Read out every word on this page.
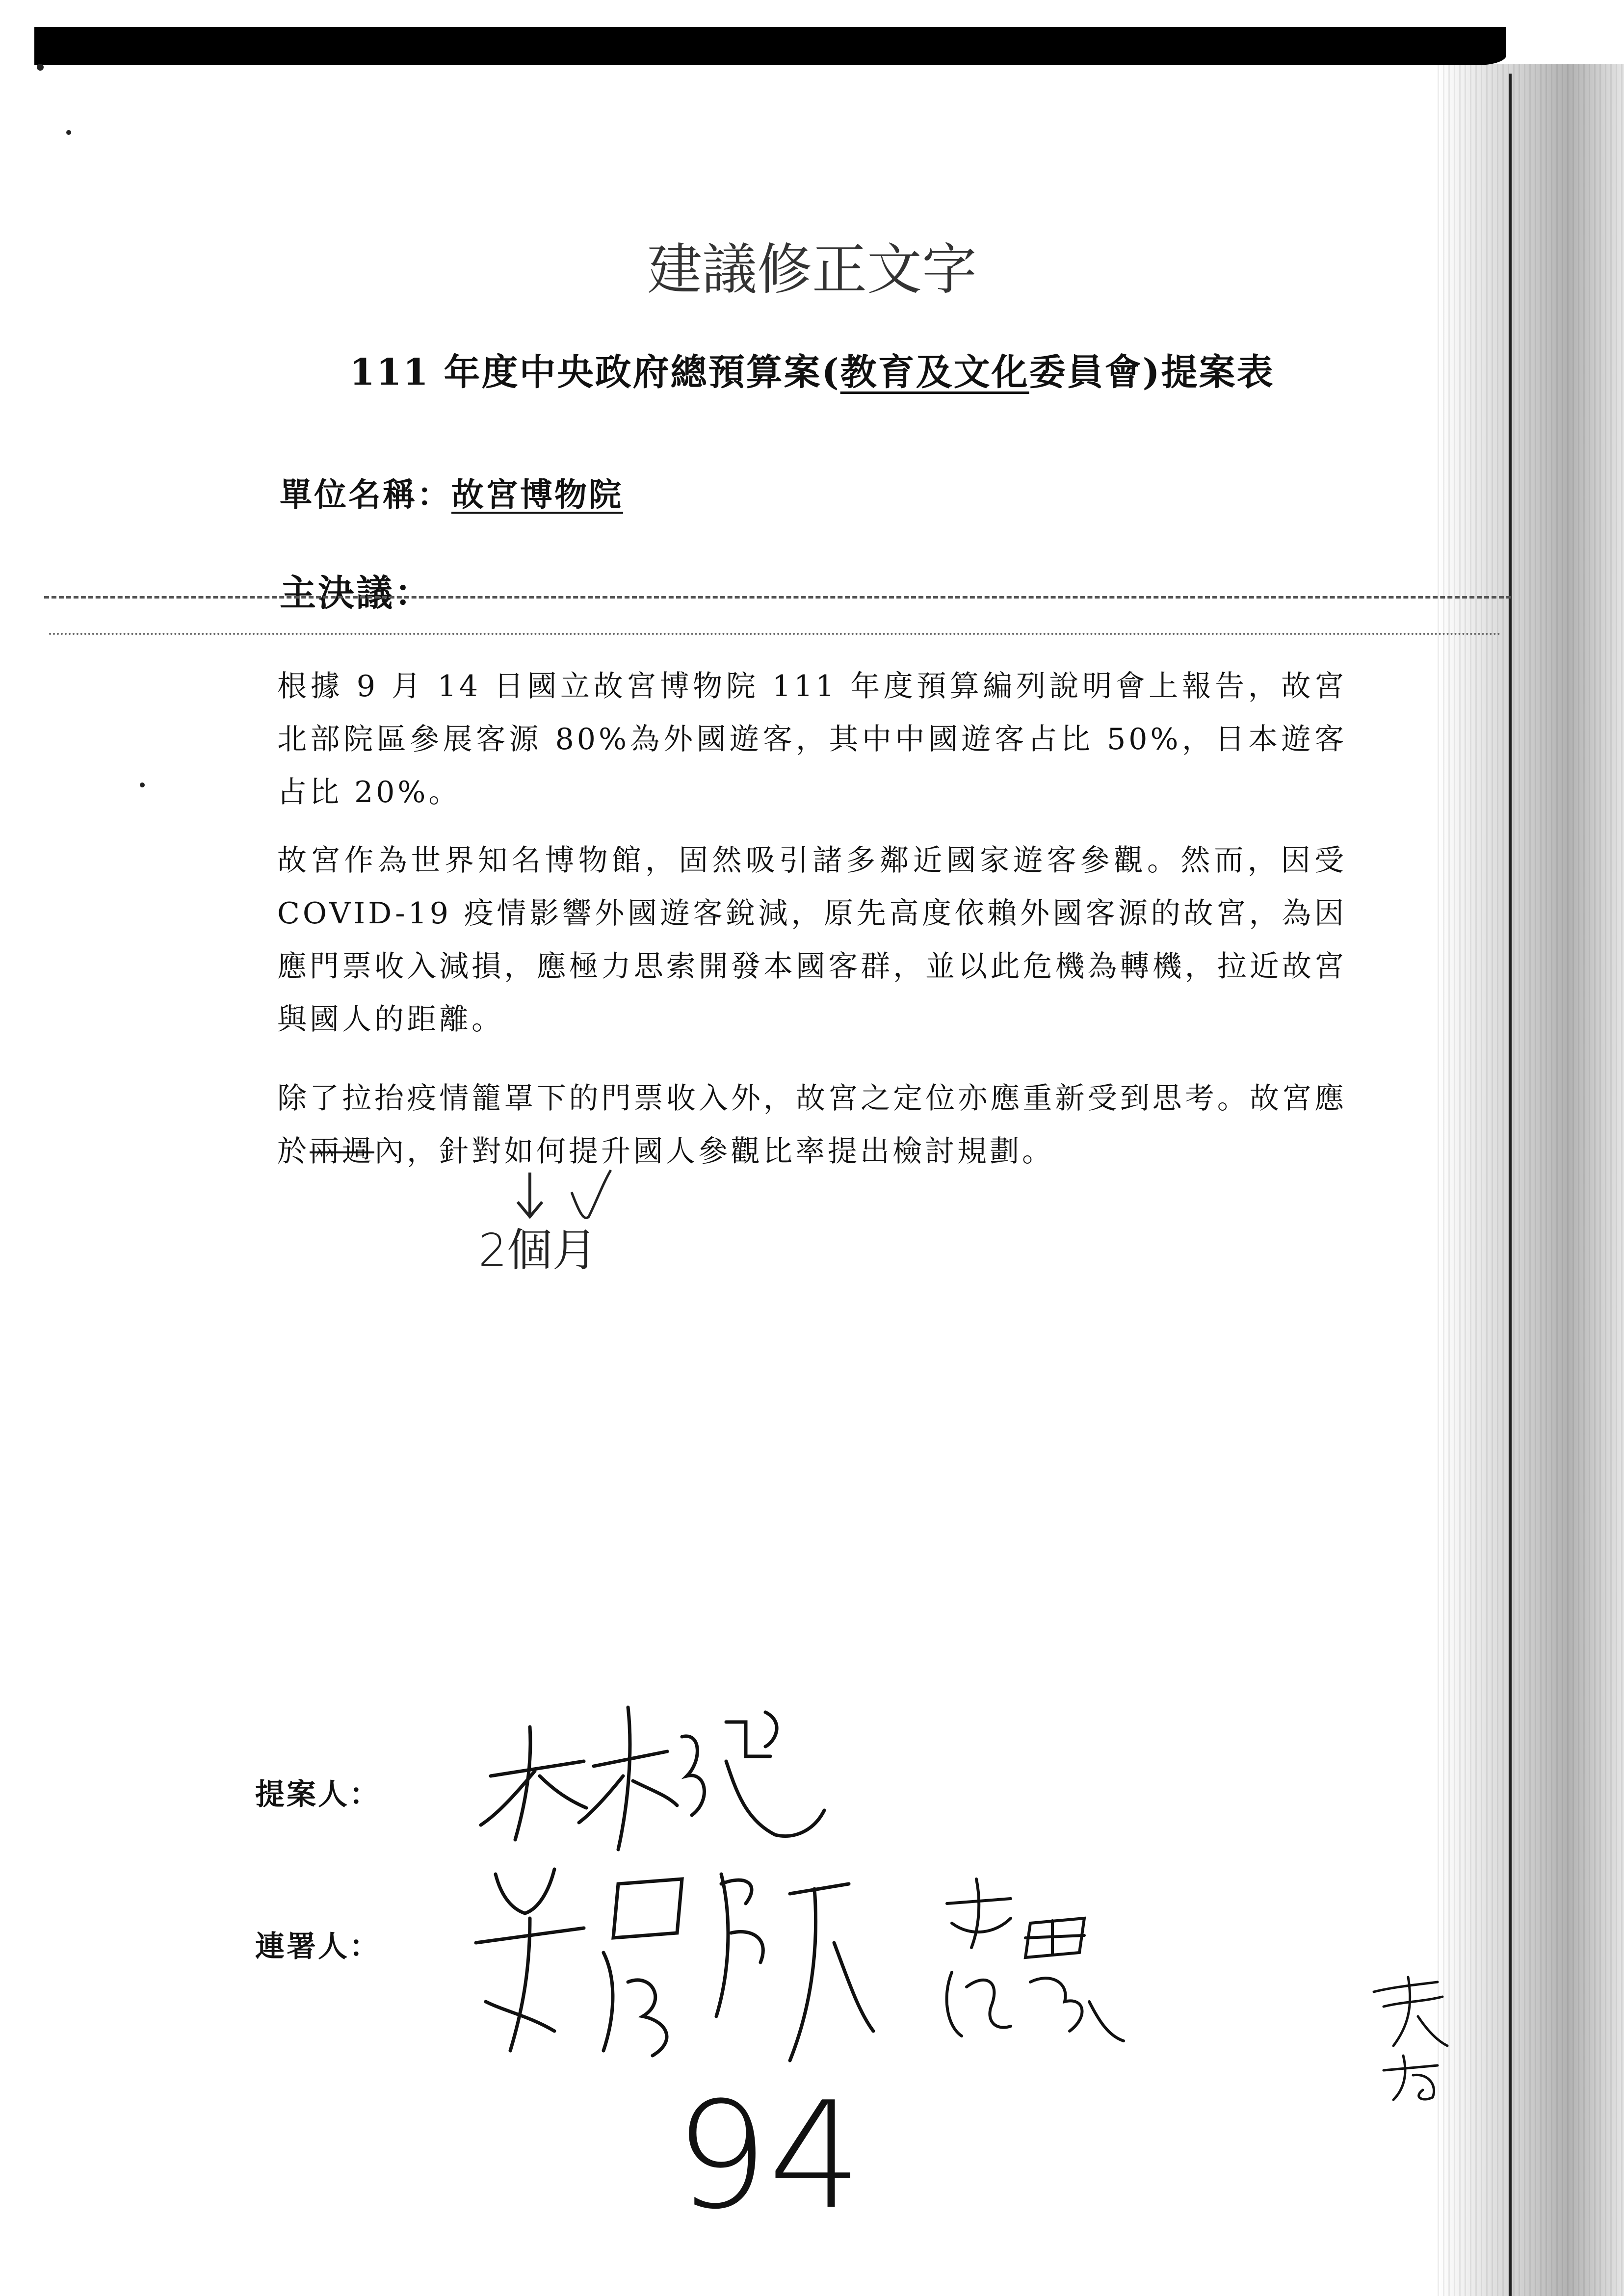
建議修正文字
111 年度中央政府總預算案(教育及文化委員會)提案表
單位名稱：故宮博物院
主決議：
根據 9 月 14 日國立故宮博物院 111 年度預算編列說明會上報告，故宮北部院區參展客源 80%為外國遊客，其中中國遊客占比 50%，日本遊客占比 20%。
故宮作為世界知名博物館，固然吸引諸多鄰近國家遊客參觀。然而，因受 COVID-19 疫情影響外國遊客銳減，原先高度依賴外國客源的故宮，為因應門票收入減損，應極力思索開發本國客群，並以此危機為轉機，拉近故宮與國人的距離。
除了拉抬疫情籠罩下的門票收入外，故宮之定位亦應重新受到思考。故宮應於兩週內，針對如何提升國人參觀比率提出檢討規劃。
2個月
提案人：
連署人：
94
